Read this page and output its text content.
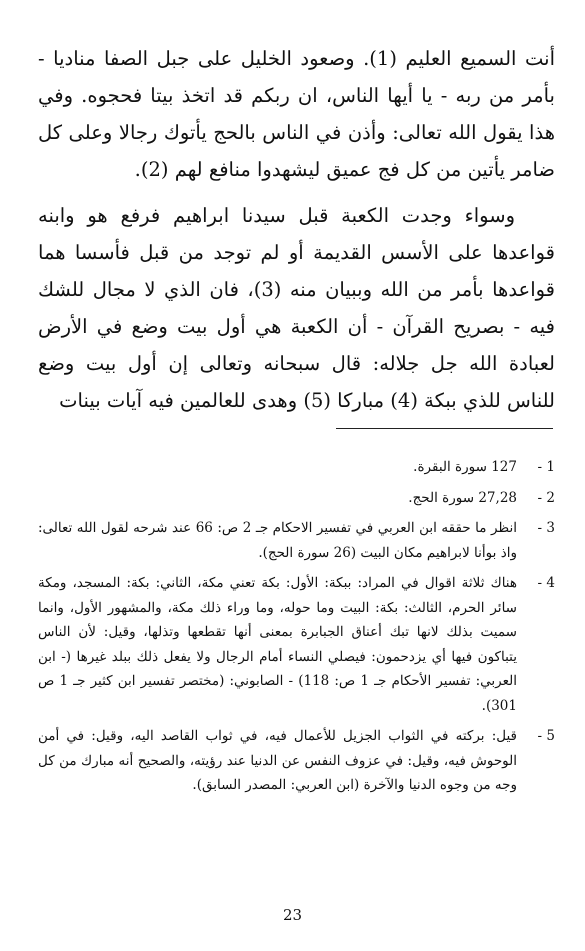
أنت السميع العليم (1). وصعود الخليل على جبل الصفا مناديا - بأمر من ربه - يا أيها الناس، ان ربكم قد اتخذ بيتا فحجوه. وفي هذا يقول الله تعالى: وأذن في الناس بالحج يأتوك رجالا وعلى كل ضامر يأتين من كل فج عميق ليشهدوا منافع لهم (2).

وسواء وجدت الكعبة قبل سيدنا ابراهيم فرفع هو وابنه قواعدها على الأسس القديمة أو لم توجد من قبل فأسسا هما قواعدها بأمر من الله وببيان منه (3)، فان الذي لا مجال للشك فيه - بصريح القرآن - أن الكعبة هي أول بيت وضع في الأرض لعبادة الله جل جلاله: قال سبحانه وتعالى إن أول بيت وضع للناس للذي ببكة (4) مباركا (5) وهدى للعالمين فيه آيات بينات

1 -
127 سورة البقرة.
2 -
27,28 سورة الحج.
3 -
انظر ما حققه ابن العربي في تفسير الاحكام جـ 2 ص: 66 عند شرحه لقول الله تعالى: واذ بوأنا لابراهيم مكان البيت (26 سورة الحج).
4 -
هناك ثلاثة اقوال في المراد: ببكة: الأول: بكة تعني مكة، الثاني: بكة: المسجد، ومكة سائر الحرم، الثالث: بكة: البيت وما حوله، وما وراء ذلك مكة، والمشهور الأول، وانما سميت بذلك لانها تبك أعناق الجبابرة بمعنى أنها تقطعها وتذلها، وقيل: لأن الناس يتباكون فيها أي يزدحمون: فيصلي النساء أمام الرجال ولا يفعل ذلك ببلد غيرها (- ابن العربي: تفسير الأحكام جـ 1 ص: 118) - الصابوني: (مختصر تفسير ابن كثير جـ 1 ص 301).
5 -
قيل: بركته في الثواب الجزيل للأعمال فيه، في ثواب القاصد اليه، وقيل: في أمن الوحوش فيه، وقيل: في عزوف النفس عن الدنيا عند رؤيته، والصحيح أنه مبارك من كل وجه من وجوه الدنيا والآخرة (ابن العربي: المصدر السابق).
23
